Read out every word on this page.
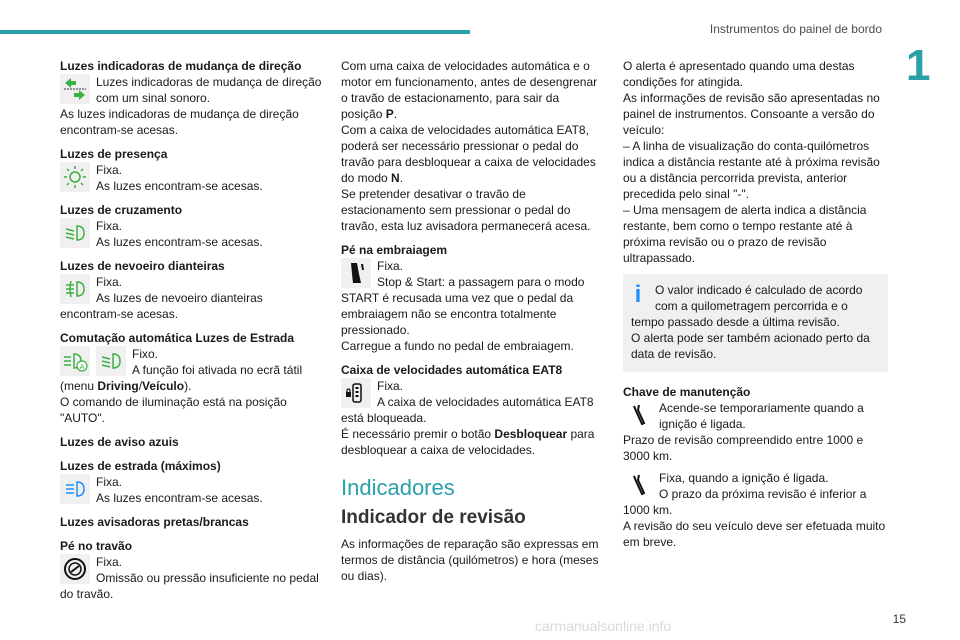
Instrumentos do painel de bordo
1

Luzes indicadoras de mudança de direção

Luzes indicadoras de mudança de direção com um sinal sonoro.

As luzes indicadoras de mudança de direção encontram-se acesas.

Luzes de presença

Fixa.

As luzes encontram-se acesas.

Luzes de cruzamento

Fixa.

As luzes encontram-se acesas.

Luzes de nevoeiro dianteiras

Fixa.

As luzes de nevoeiro dianteiras encontram-se acesas.

Comutação automática Luzes de Estrada

A

Fixo.

A função foi ativada no ecrã tátil (menu Driving/Veículo).

O comando de iluminação está na posição "AUTO".

Luzes de aviso azuis

Luzes de estrada (máximos)

Fixa.

As luzes encontram-se acesas.

Luzes avisadoras pretas/brancas

Pé no travão

Fixa.

Omissão ou pressão insuficiente no pedal do travão.

Com uma caixa de velocidades automática e o motor em funcionamento, antes de desengrenar o travão de estacionamento, para sair da posição P.

Com a caixa de velocidades automática EAT8, poderá ser necessário pressionar o pedal do travão para desbloquear a caixa de velocidades do modo N.

Se pretender desativar o travão de estacionamento sem pressionar o pedal do travão, esta luz avisadora permanecerá acesa.

Pé na embraiagem

Fixa.

Stop & Start: a passagem para o modo START é recusada uma vez que o pedal da embraiagem não se encontra totalmente pressionado.

Carregue a fundo no pedal de embraiagem.

Caixa de velocidades automática EAT8

Fixa.

A caixa de velocidades automática EAT8 está bloqueada.

É necessário premir o botão Desbloquear para desbloquear a caixa de velocidades.

Indicadores
Indicador de revisão

As informações de reparação são expressas em termos de distância (quilómetros) e hora (meses ou dias).

O alerta é apresentado quando uma destas condições for atingida.

As informações de revisão são apresentadas no painel de instrumentos. Consoante a versão do veículo:

– A linha de visualização do conta-quilómetros indica a distância restante até à próxima revisão ou a distância percorrida prevista, anterior precedida pelo sinal "-".

– Uma mensagem de alerta indica a distância restante, bem como o tempo restante até à próxima revisão ou o prazo de revisão ultrapassado.

i	O valor indicado é calculado de acordo com a quilometragem percorrida e o tempo passado desde a última revisão.

O alerta pode ser também acionado perto da data de revisão.

Chave de manutenção

Acende-se temporariamente quando a ignição é ligada.

Prazo de revisão compreendido entre 1000 e 3000 km.

Fixa, quando a ignição é ligada.

O prazo da próxima revisão é inferior a 1000 km.

A revisão do seu veículo deve ser efetuada muito em breve.

carmanualsonline.info	15
